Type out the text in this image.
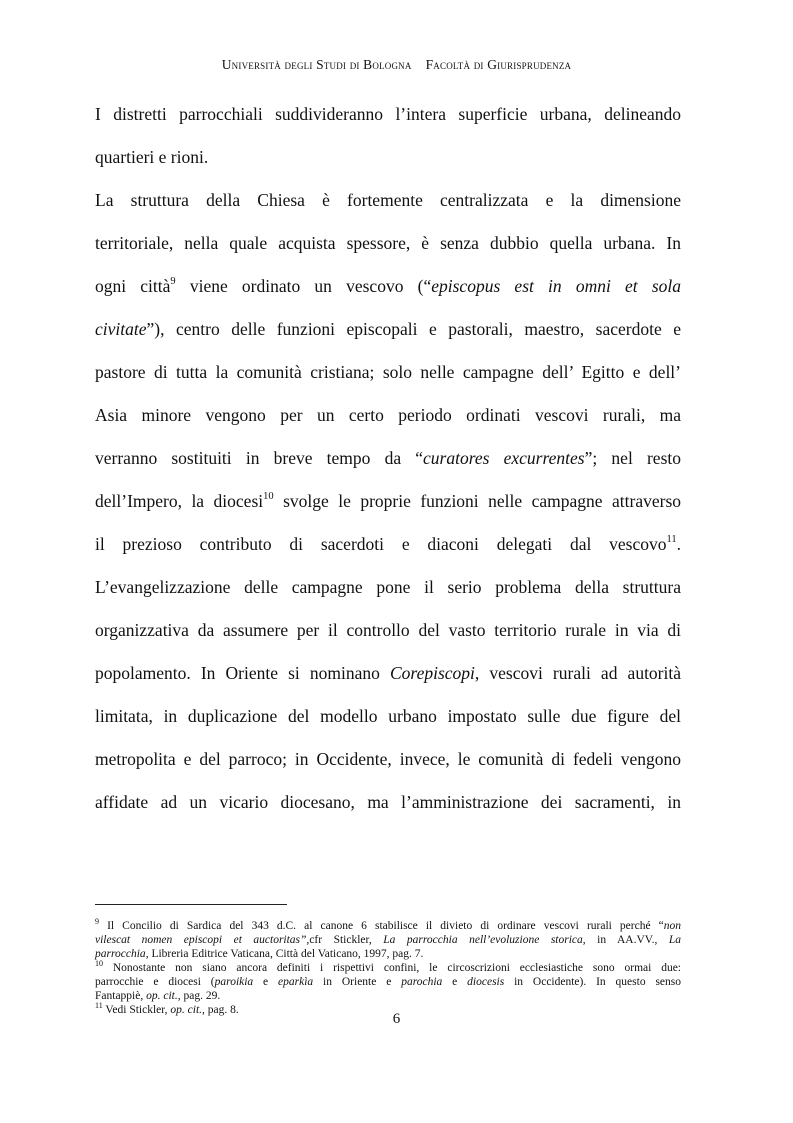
Università degli Studi di Bologna Facoltà di Giurisprudenza
I distretti parrocchiali suddivideranno l’intera superficie urbana, delineando
quartieri e rioni.
La struttura della Chiesa è fortemente centralizzata e la dimensione
territoriale, nella quale acquista spessore, è senza dubbio quella urbana. In
ogni città$^9$ viene ordinato un vescovo (“episcopus est in omni et sola
civitate”), centro delle funzioni episcopali e pastorali, maestro, sacerdote e
pastore di tutta la comunità cristiana; solo nelle campagne dell’ Egitto e dell’
Asia minore vengono per un certo periodo ordinati vescovi rurali, ma
verranno sostituiti in breve tempo da “curatores excurrentes”; nel resto
dell’Impero, la diocesi$^{10}$ svolge le proprie funzioni nelle campagne attraverso
il prezioso contributo di sacerdoti e diaconi delegati dal vescovo$^{11}$.
L’evangelizzazione delle campagne pone il serio problema della struttura
organizzativa da assumere per il controllo del vasto territorio rurale in via di
popolamento. In Oriente si nominano Corepiscopi, vescovi rurali ad autorità
limitata, in duplicazione del modello urbano impostato sulle due figure del
metropolita e del parroco; in Occidente, invece, le comunità di fedeli vengono
affidate ad un vicario diocesano, ma l’amministrazione dei sacramenti, in
$^9$ Il Concilio di Sardica del 343 d.C. al canone 6 stabilisce il divieto di ordinare vescovi rurali perché “non
vilescat nomen episcopi et auctoritas”,cfr Stickler, La parrocchia nell’evoluzione storica, in AA.VV., La
parrocchia, Libreria Editrice Vaticana, Città del Vaticano, 1997, pag. 7.
$^{10}$ Nonostante non siano ancora definiti i rispettivi confini, le circoscrizioni ecclesiastiche sono ormai due:
parrocchie e diocesi (paroikia e eparkìa in Oriente e parochia e diocesis in Occidente). In questo senso
Fantappiè, op. cit., pag. 29.
$^{11}$ Vedi Stickler, op. cit., pag. 8.
6
